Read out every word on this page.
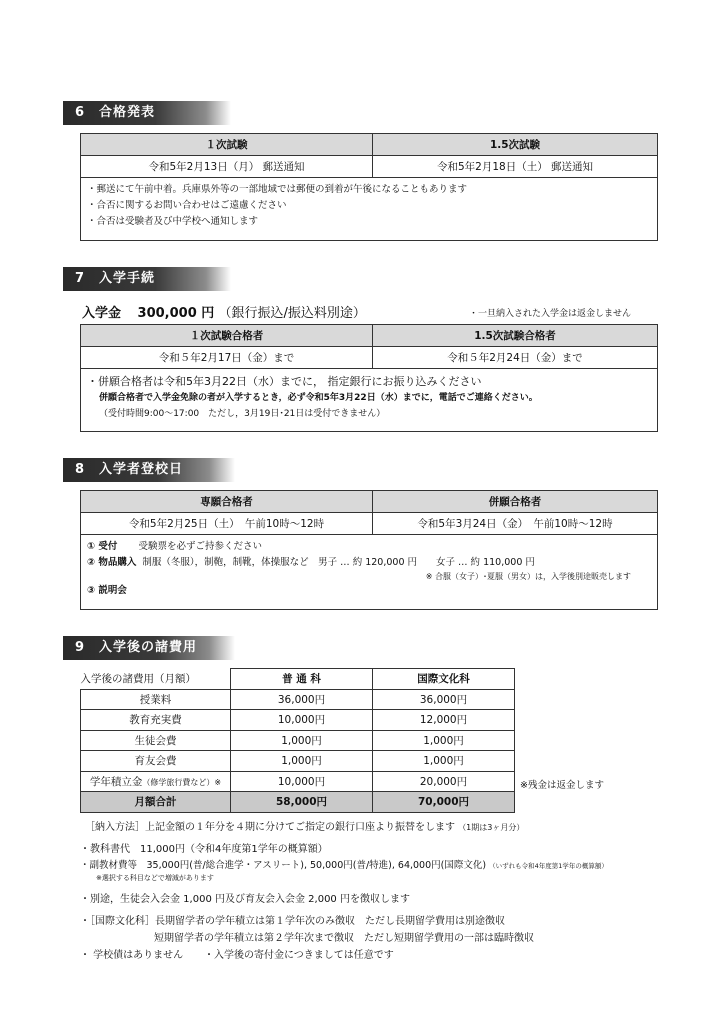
6 合格発表
１次試験	1.5次試験
令和5年2月13日（月） 郵送通知	令和5年2月18日（土） 郵送通知
・郵送にて午前中着。兵庫県外等の一部地域では郵便の到着が午後になることもあります
・合否に関するお問い合わせはご遠慮ください
・合否は受験者及び中学校へ通知します
7 入学手続
入学金 300,000 円 （銀行振込/振込料別途）	・一旦納入された入学金は返金しません
１次試験合格者	1.5次試験合格者
令和５年2月17日（金）まで	令和５年2月24日（金）まで
・併願合格者は令和5年3月22日（水）までに， 指定銀行にお振り込みください
併願合格者で入学金免除の者が入学するとき，必ず令和5年3月22日（水）までに，電話でご連絡ください。
（受付時間9:00～17:00　ただし，3月19日･21日は受付できません）
8 入学者登校日
専願合格者	併願合格者
令和5年2月25日（土）　午前10時～12時	令和5年3月24日（金）　午前10時～12時
① 受付 受験票を必ずご持参ください
② 物品購入 制服（冬服），制鞄，制靴，体操服など　男子 … 約 120,000 円　　女子 … 約 110,000 円
※ 合服（女子）･夏服（男女）は，入学後別途販売します
③ 説明会
9 入学後の諸費用
入学後の諸費用（月額）	普 通 科	国際文化科
授業料	36,000円	36,000円
教育充実費	10,000円	12,000円
生徒会費	1,000円	1,000円
育友会費	1,000円	1,000円
学年積立金（修学旅行費など）※	10,000円	20,000円
月額合計	58,000円	70,000円
※残金は返金します
［納入方法］上記金額の１年分を４期に分けてご指定の銀行口座より振替をします （1期は3ヶ月分）
・教科書代　11,000円（令和4年度第1学年の概算額）
・副教材費等　35,000円(普/総合進学・アスリート), 50,000円(普/特進), 64,000円(国際文化) （いずれも令和4年度第1学年の概算額）
※選択する科目などで増減があります
・別途，生徒会入会金 1,000 円及び育友会入会金 2,000 円を徴収します
・［国際文化科］長期留学者の学年積立は第１学年次のみ徴収　ただし長期留学費用は別途徴収
短期留学者の学年積立は第２学年次まで徴収　ただし短期留学費用の一部は臨時徴収
・ 学校債はありません ・入学後の寄付金につきましては任意です
